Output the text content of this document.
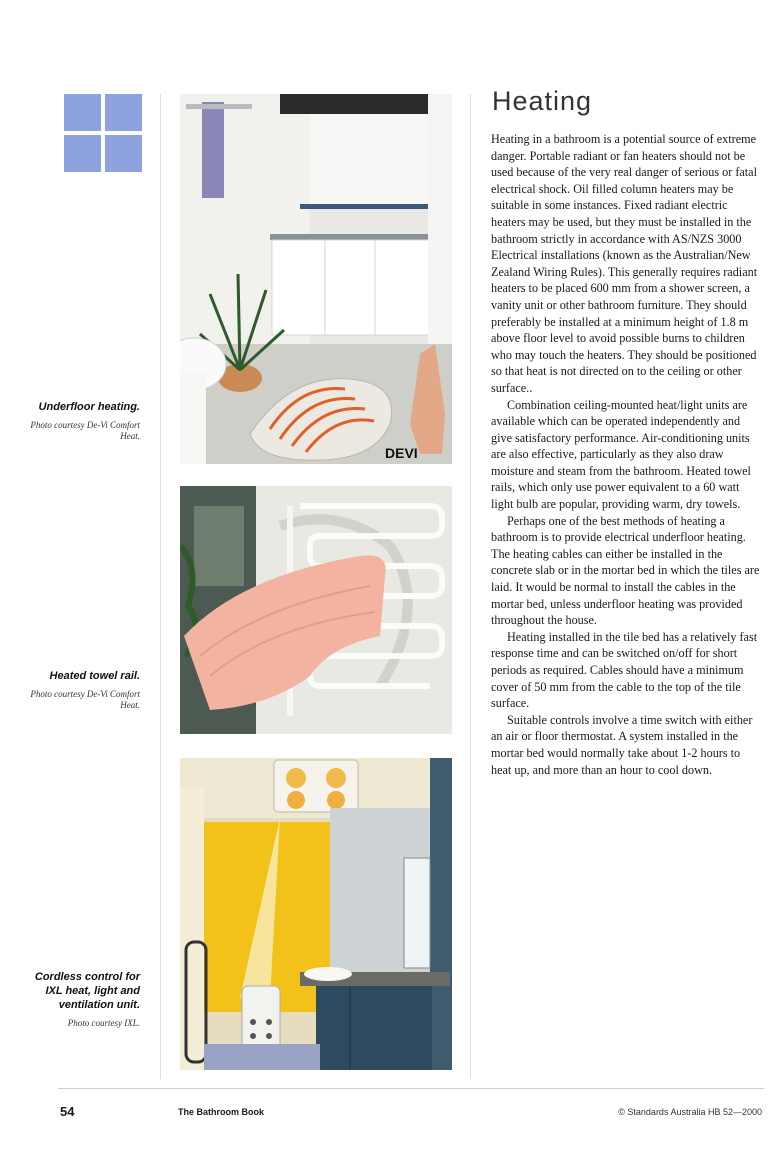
DEVI
Underfloor heating.
Photo courtesy De-Vi Comfort Heat.
Heated towel rail.
Photo courtesy De-Vi Comfort Heat.
Cordless control for IXL heat, light and ventilation unit.
Photo courtesy IXL.
Heating

Heating in a bathroom is a potential source of extreme danger. Portable radiant or fan heaters should not be used because of the very real danger of serious or fatal electrical shock. Oil filled column heaters may be suitable in some instances. Fixed radiant electric heaters may be used, but they must be installed in the bathroom strictly in accordance with AS/NZS 3000 Electrical installations (known as the Australian/New Zealand Wiring Rules). This generally requires radiant heaters to be placed 600 mm from a shower screen, a vanity unit or other bathroom furniture. They should preferably be installed at a minimum height of 1.8 m above floor level to avoid possible burns to children who may touch the heaters. They should be positioned so that heat is not directed on to the ceiling or other surface..

Combination ceiling-mounted heat/light units are available which can be operated independently and give satisfactory performance. Air-conditioning units are also effective, particularly as they also draw moisture and steam from the bathroom. Heated towel rails, which only use power equivalent to a 60 watt light bulb are popular, providing warm, dry towels.

Perhaps one of the best methods of heating a bathroom is to provide electrical underfloor heating. The heating cables can either be installed in the concrete slab or in the mortar bed in which the tiles are laid. It would be normal to install the cables in the mortar bed, unless underfloor heating was provided throughout the house.

Heating installed in the tile bed has a relatively fast response time and can be switched on/off for short periods as required. Cables should have a minimum cover of 50 mm from the cable to the top of the tile surface.

Suitable controls involve a time switch with either an air or floor thermostat. A system installed in the mortar bed would normally take about 1-2 hours to heat up, and more than an hour to cool down.

54	The Bathroom Book	© Standards Australia HB 52—2000
